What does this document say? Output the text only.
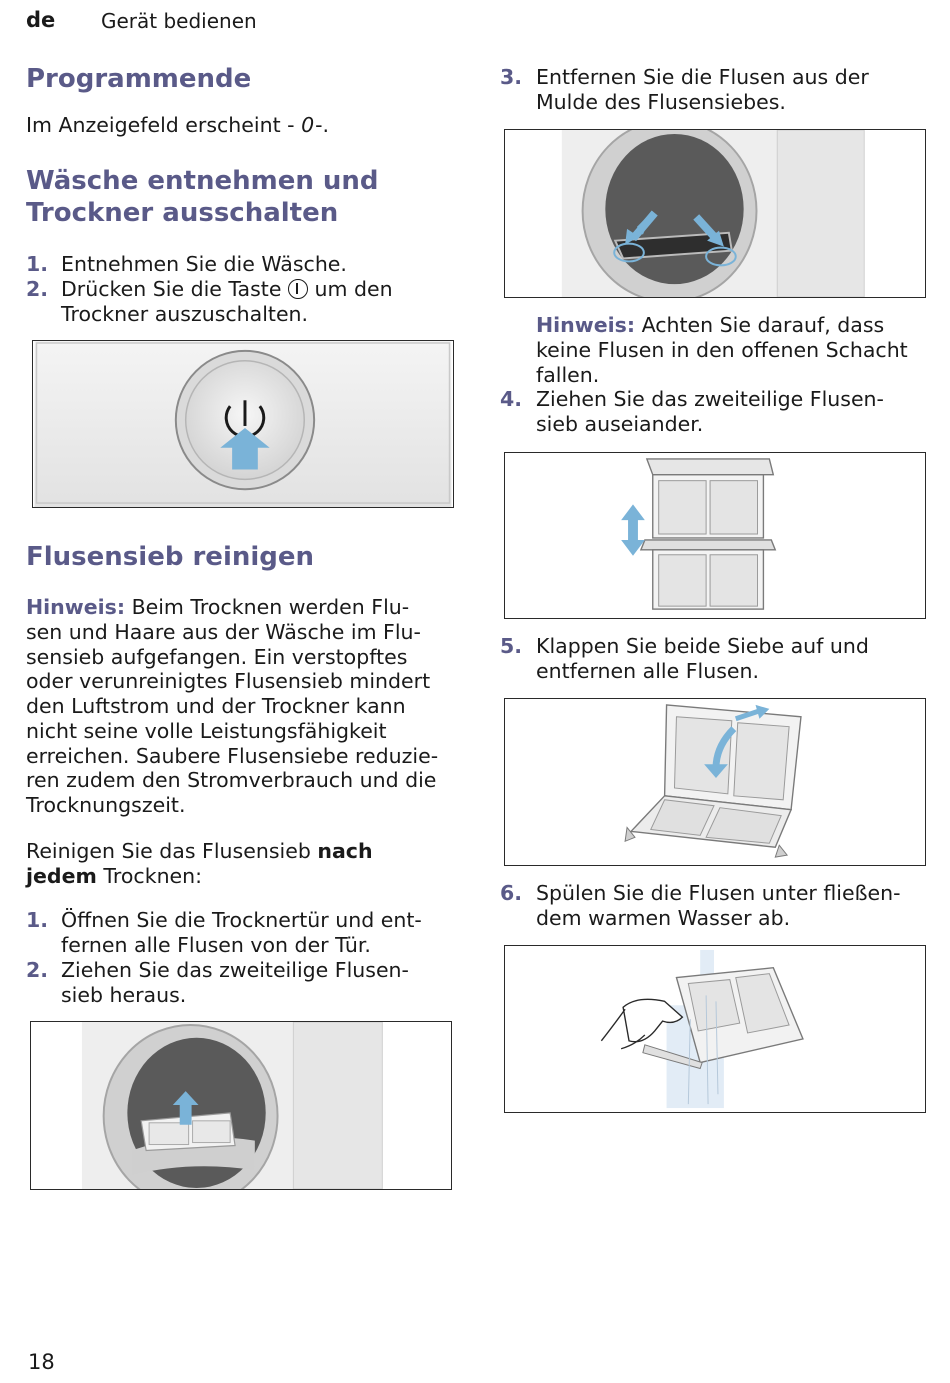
de Gerät bedienen
Programmende
Im Anzeigefeld erscheint - 0-.
Wäsche entnehmen und
Trockner ausschalten
1. Entnehmen Sie die Wäsche.
2. Drücken Sie die Taste
um den
Trockner auszuschalten.
Flusensieb reinigen
Hinweis: Beim Trocknen werden Flu-
sen und Haare aus der Wäsche im Flu-
sensieb aufgefangen. Ein verstopftes
oder verunreinigtes Flusensieb mindert
den Luftstrom und der Trockner kann
nicht seine volle Leistungsfähigkeit
erreichen. Saubere Flusensiebe reduzie-
ren zudem den Stromverbrauch und die
Trocknungszeit.
Reinigen Sie das Flusensieb nach
jedem Trocknen:
1. Öffnen Sie die Trocknertür und ent-
fernen alle Flusen von der Tür.
2. Ziehen Sie das zweiteilige Flusen-
sieb heraus.
3. Entfernen Sie die Flusen aus der
Mulde des Flusensiebes.
Hinweis: Achten Sie darauf, dass
keine Flusen in den offenen Schacht
fallen.
4. Ziehen Sie das zweiteilige Flusen-
sieb auseiander.
5. Klappen Sie beide Siebe auf und
entfernen alle Flusen.
6. Spülen Sie die Flusen unter fließen-
dem warmen Wasser ab.
18
